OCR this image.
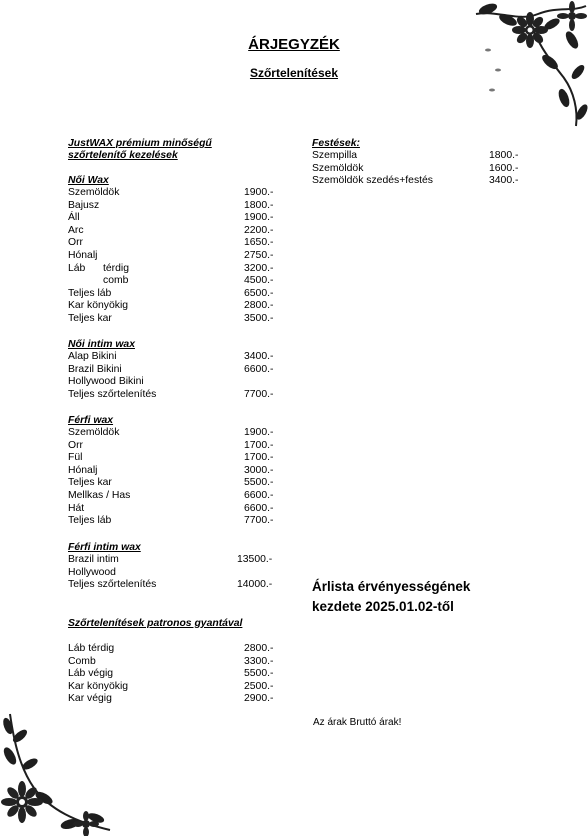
ÁRJEGYZÉK
Szőrtelenítések
JustWAX prémium minőségű
szőrtelenítő kezelések
Női Wax
Szemöldök	1900.-
Bajusz	1800.-
Áll	1900.-
Arc	2200.-
Orr	1650.-
Hónalj	2750.-
Láb térdig	3200.-
comb	4500.-
Teljes láb	6500.-
Kar könyökig	2800.-
Teljes kar	3500.-
Női intim wax
Alap Bikini	3400.-
Brazil Bikini	6600.-
Hollywood Bikini
Teljes szőrtelenítés	7700.-
Férfi wax
Szemöldök	1900.-
Orr	1700.-
Fül	1700.-
Hónalj	3000.-
Teljes kar	5500.-
Mellkas / Has	6600.-
Hát	6600.-
Teljes láb	7700.-
Férfi intim wax
Brazil intim	13500.-
Hollywood
Teljes szőrtelenítés	14000.-
Szőrtelenítések patronos gyantával
Láb térdig	2800.-
Comb	3300.-
Láb végig	5500.-
Kar könyökig	2500.-
Kar végig	2900.-
Festések:
Szempilla	1800.-
Szemöldök	1600.-
Szemöldök szedés+festés	3400.-
Árlista érvényességének
kezdete 2025.01.02-től
Az árak Bruttó árak!
